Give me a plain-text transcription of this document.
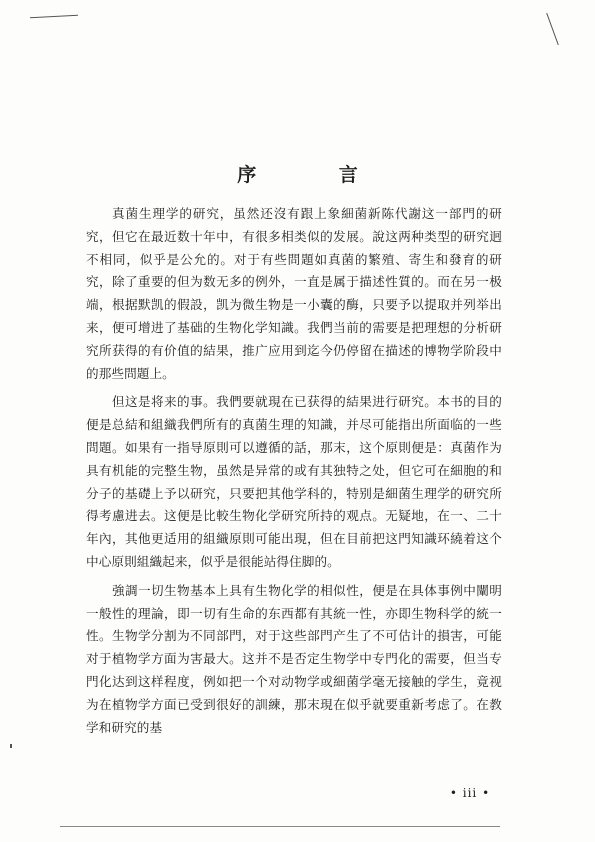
序 言

真菌生理学的研究，虽然还沒有跟上象細菌新陈代謝这一部門的研究，但它在最近数十年中，有很多相类似的发展。說这两种类型的研究迥不相同，似乎是公允的。对于有些問題如真菌的繁殖、寄生和發育的研究，除了重要的但为数无多的例外，一直是属于描述性質的。而在另一极端，根据默凯的假設，凯为微生物是一小囊的酶，只要予以提取并列举出来，便可增进了基础的生物化学知識。我們当前的需要是把理想的分析研究所获得的有价值的結果，推广应用到迄今仍停留在描述的博物学阶段中的那些問題上。

但这是将来的事。我們要就現在已获得的結果进行研究。本书的目的便是总結和組織我們所有的真菌生理的知識，并尽可能指出所面临的一些問題。如果有一指导原則可以遵循的話，那末，这个原則便是：真菌作为具有机能的完整生物，虽然是异常的或有其独特之处，但它可在細胞的和分子的基礎上予以研究，只要把其他学科的，特别是細菌生理学的研究所得考慮进去。这便是比較生物化学研究所持的观点。无疑地，在一、二十年內，其他更适用的組織原則可能出現，但在目前把这門知識环繞着这个中心原則組織起来，似乎是很能站得住脚的。

強調一切生物基本上具有生物化学的相似性，便是在具体事例中闡明一般性的理論，即一切有生命的东西都有其統一性，亦即生物科学的統一性。生物学分割为不同部門，对于这些部門产生了不可估计的損害，可能对于植物学方面为害最大。这并不是否定生物学中专門化的需要，但当专門化达到这样程度，例如把一个对动物学或細菌学毫无接触的学生，竟视为在植物学方面已受到很好的訓練，那末現在似乎就要重新考虑了。在教学和研究的基

• iii •
